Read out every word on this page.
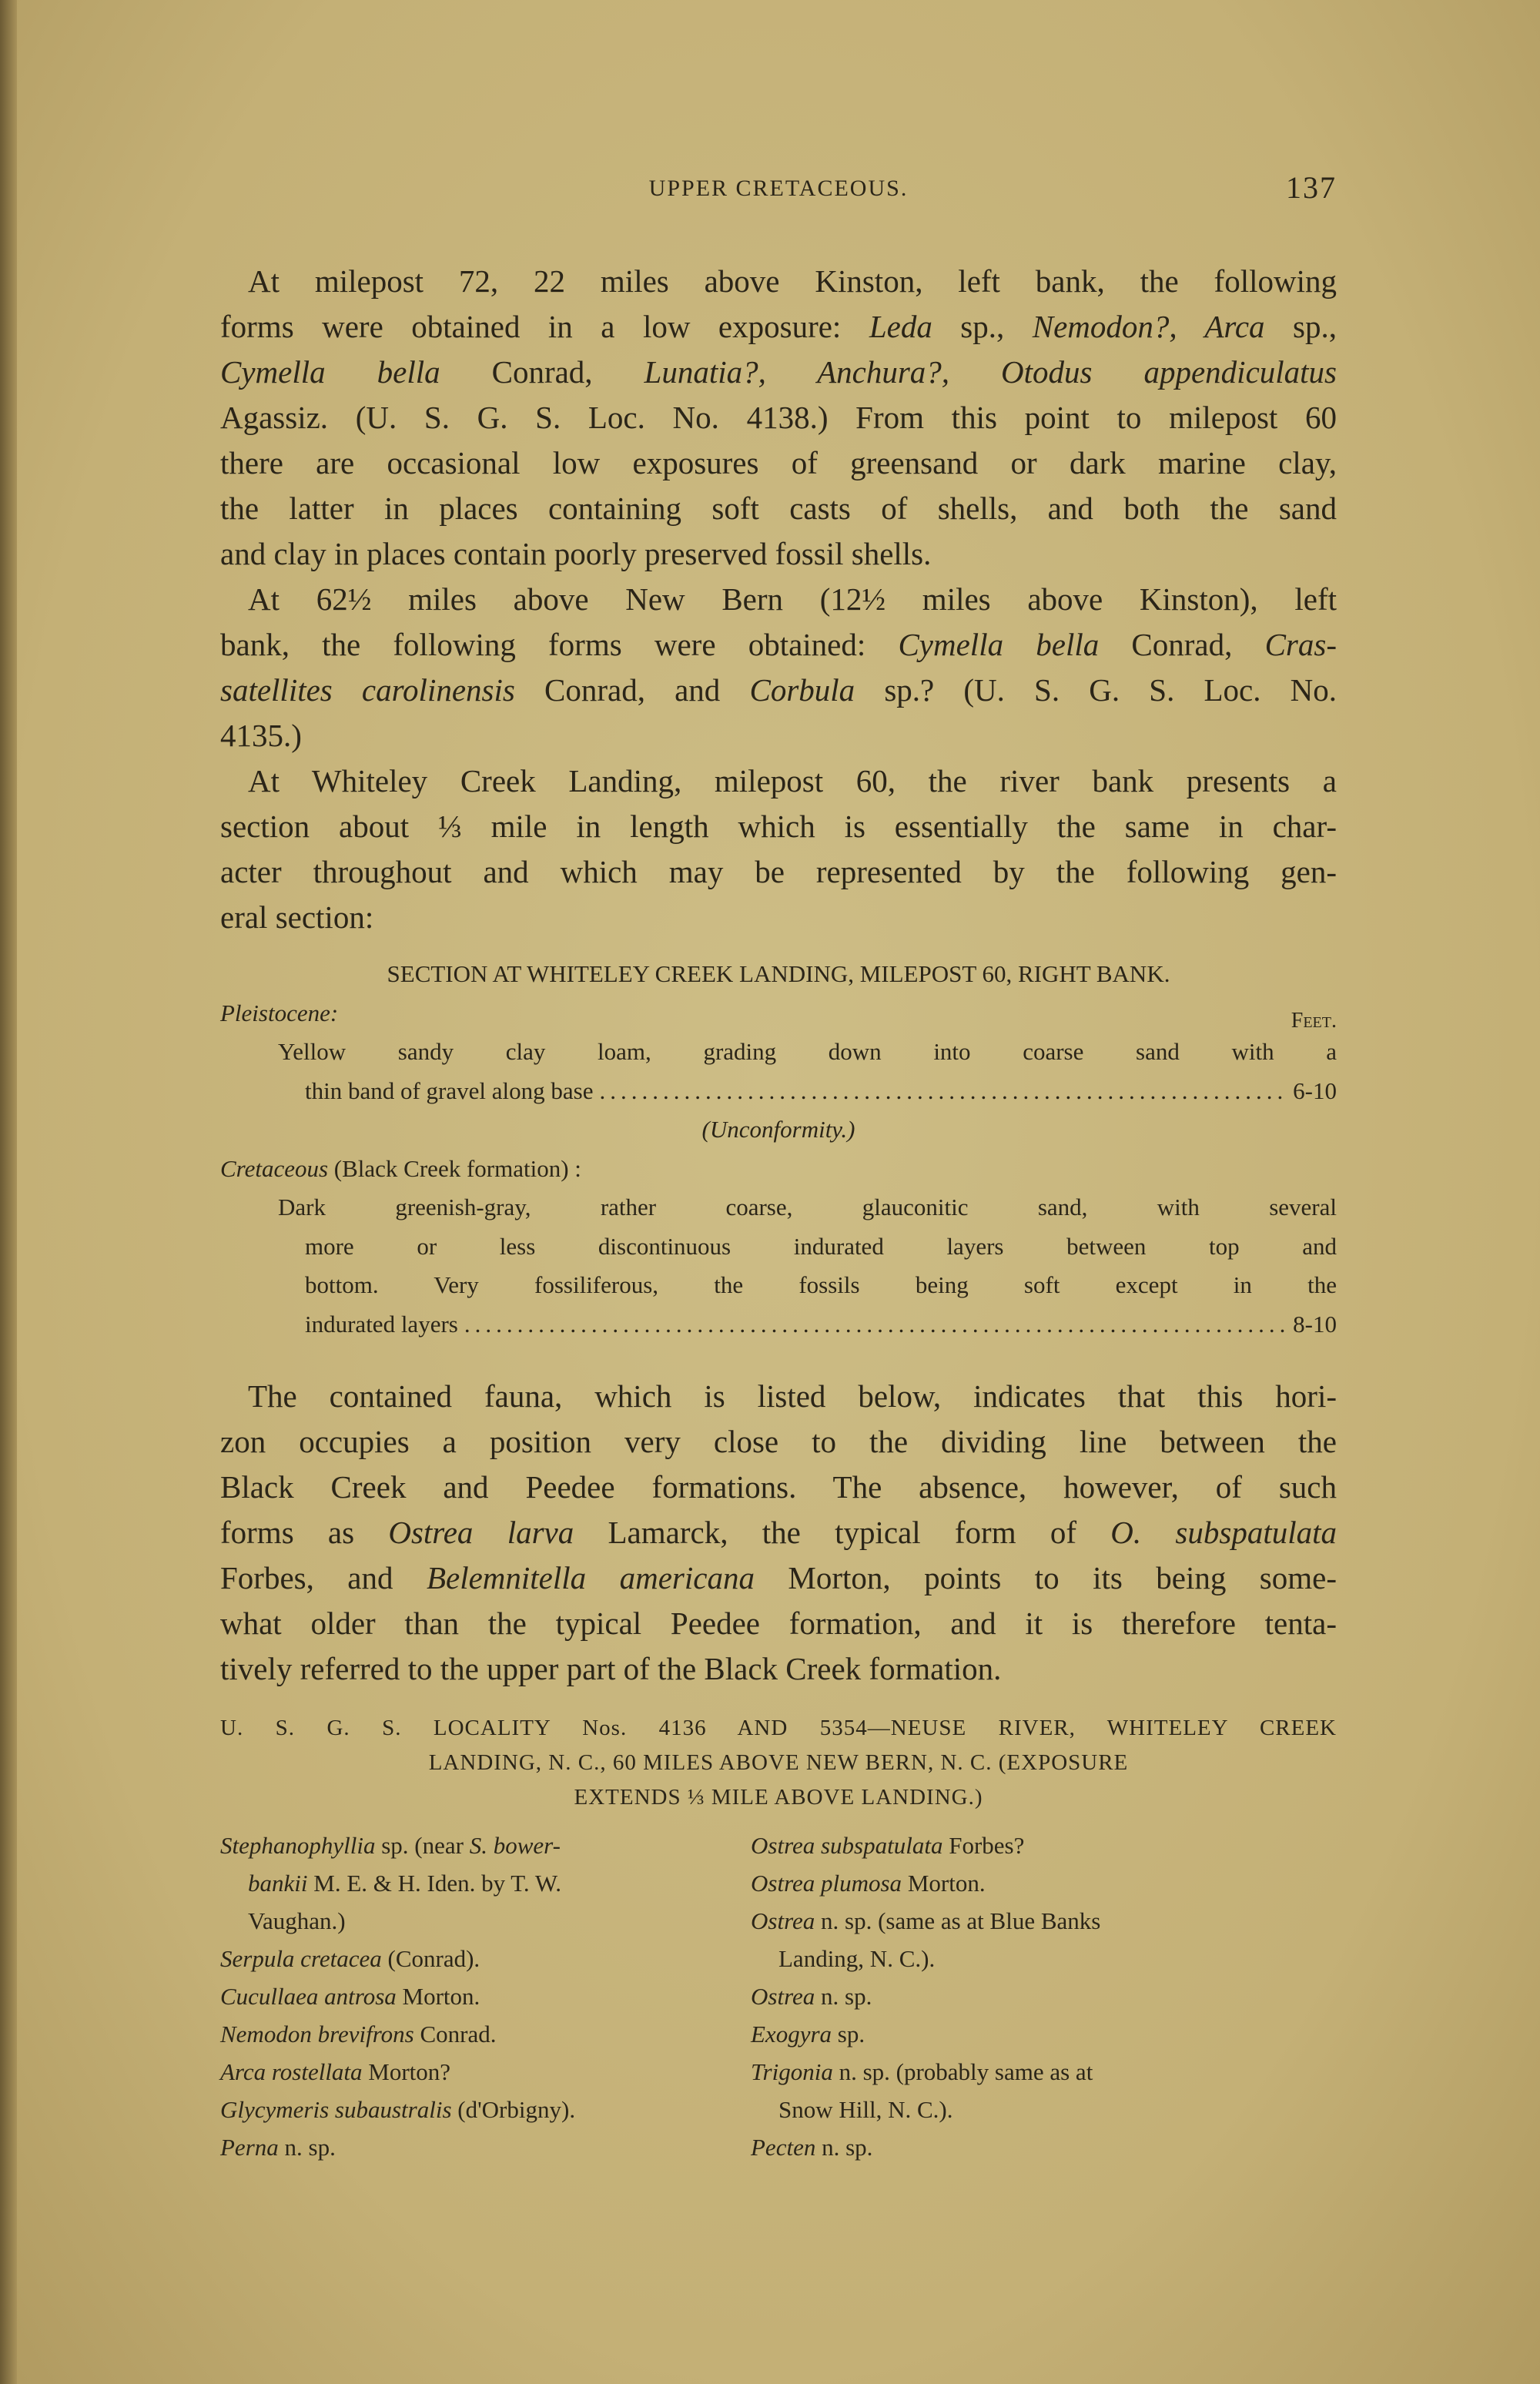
UPPER CRETACEOUS.	137
At milepost 72, 22 miles above Kinston, left bank, the following
forms were obtained in a low exposure: Leda sp., Nemodon?, Arca sp.,
Cymella bella Conrad, Lunatia?, Anchura?, Otodus appendiculatus
Agassiz. (U. S. G. S. Loc. No. 4138.) From this point to milepost 60
there are occasional low exposures of greensand or dark marine clay,
the latter in places containing soft casts of shells, and both the sand
and clay in places contain poorly preserved fossil shells.
At 62½ miles above New Bern (12½ miles above Kinston), left
bank, the following forms were obtained: Cymella bella Conrad, Cras-
satellites carolinensis Conrad, and Corbula sp.? (U. S. G. S. Loc. No.
4135.)
At Whiteley Creek Landing, milepost 60, the river bank presents a
section about ⅓ mile in length which is essentially the same in char-
acter throughout and which may be represented by the following gen-
eral section:
SECTION AT WHITELEY CREEK LANDING, MILEPOST 60, RIGHT BANK.
Pleistocene:	Feet.
Yellow sandy clay loam, grading down into coarse sand with a
thin band of gravel along base .....	6-10
(Unconformity.)
Cretaceous (Black Creek formation) :
Dark greenish-gray, rather coarse, glauconitic sand, with several
more or less discontinuous indurated layers between top and
bottom. Very fossiliferous, the fossils being soft except in the
indurated layers .....	8-10
The contained fauna, which is listed below, indicates that this hori-
zon occupies a position very close to the dividing line between the
Black Creek and Peedee formations. The absence, however, of such
forms as Ostrea larva Lamarck, the typical form of O. subspatulata
Forbes, and Belemnitella americana Morton, points to its being some-
what older than the typical Peedee formation, and it is therefore tenta-
tively referred to the upper part of the Black Creek formation.
U. S. G. S. LOCALITY Nos. 4136 AND 5354—NEUSE RIVER, WHITELEY CREEK
LANDING, N. C., 60 MILES ABOVE NEW BERN, N. C. (EXPOSURE
EXTENDS ⅓ MILE ABOVE LANDING.)
Stephanophyllia sp. (near S. bower-
bankii M. E. & H. Iden. by T. W.
Vaughan.)
Serpula cretacea (Conrad).
Cucullaea antrosa Morton.
Nemodon brevifrons Conrad.
Arca rostellata Morton?
Glycymeris subaustralis (d'Orbigny).
Perna n. sp.
Ostrea subspatulata Forbes?
Ostrea plumosa Morton.
Ostrea n. sp. (same as at Blue Banks
Landing, N. C.).
Ostrea n. sp.
Exogyra sp.
Trigonia n. sp. (probably same as at
Snow Hill, N. C.).
Pecten n. sp.
